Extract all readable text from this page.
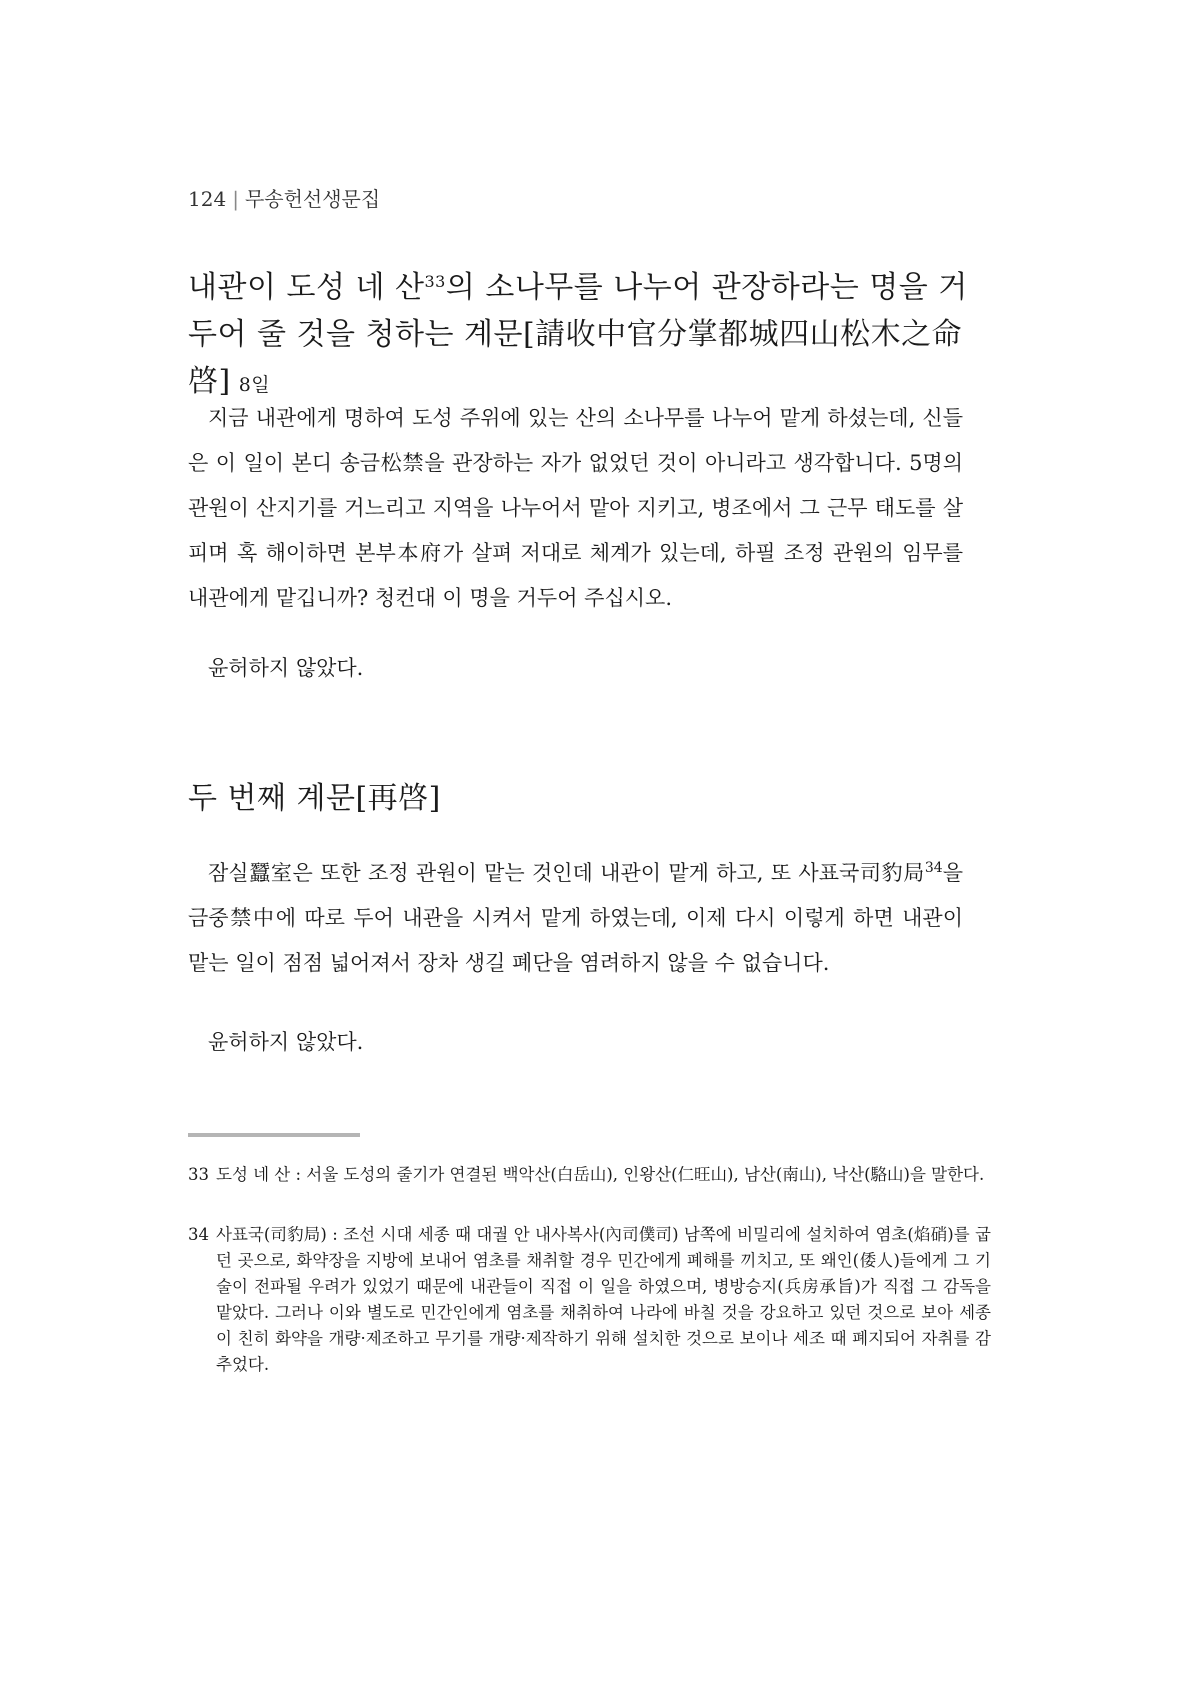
124 | 무송헌선생문집
내관이 도성 네 산$^{33}$의 소나무를 나누어 관장하라는 명을 거두어 줄 것을 청하는 계문[請收中官分掌都城四山松木之命啓] 8일

지금 내관에게 명하여 도성 주위에 있는 산의 소나무를 나누어 맡게 하셨는데, 신들은 이 일이 본디 송금松禁을 관장하는 자가 없었던 것이 아니라고 생각합니다. 5명의 관원이 산지기를 거느리고 지역을 나누어서 맡아 지키고, 병조에서 그 근무 태도를 살피며 혹 해이하면 본부本府가 살펴 저대로 체계가 있는데, 하필 조정 관원의 임무를 내관에게 맡깁니까? 청컨대 이 명을 거두어 주십시오.

윤허하지 않았다.

두 번째 계문[再啓]

잠실蠶室은 또한 조정 관원이 맡는 것인데 내관이 맡게 하고, 또 사표국司豹局$^{34}$을 금중禁中에 따로 두어 내관을 시켜서 맡게 하였는데, 이제 다시 이렇게 하면 내관이 맡는 일이 점점 넓어져서 장차 생길 폐단을 염려하지 않을 수 없습니다.

윤허하지 않았다.

33 도성 네 산 : 서울 도성의 줄기가 연결된 백악산(白岳山), 인왕산(仁旺山), 남산(南山), 낙산(駱山)을 말한다.

34 사표국(司豹局) : 조선 시대 세종 때 대궐 안 내사복사(內司僕司) 남쪽에 비밀리에 설치하여 염초(焰硝)를 굽던 곳으로, 화약장을 지방에 보내어 염초를 채취할 경우 민간에게 폐해를 끼치고, 또 왜인(倭人)들에게 그 기술이 전파될 우려가 있었기 때문에 내관들이 직접 이 일을 하였으며, 병방승지(兵房承旨)가 직접 그 감독을 맡았다. 그러나 이와 별도로 민간인에게 염초를 채취하여 나라에 바칠 것을 강요하고 있던 것으로 보아 세종이 친히 화약을 개량·제조하고 무기를 개량·제작하기 위해 설치한 것으로 보이나 세조 때 폐지되어 자취를 감추었다.
